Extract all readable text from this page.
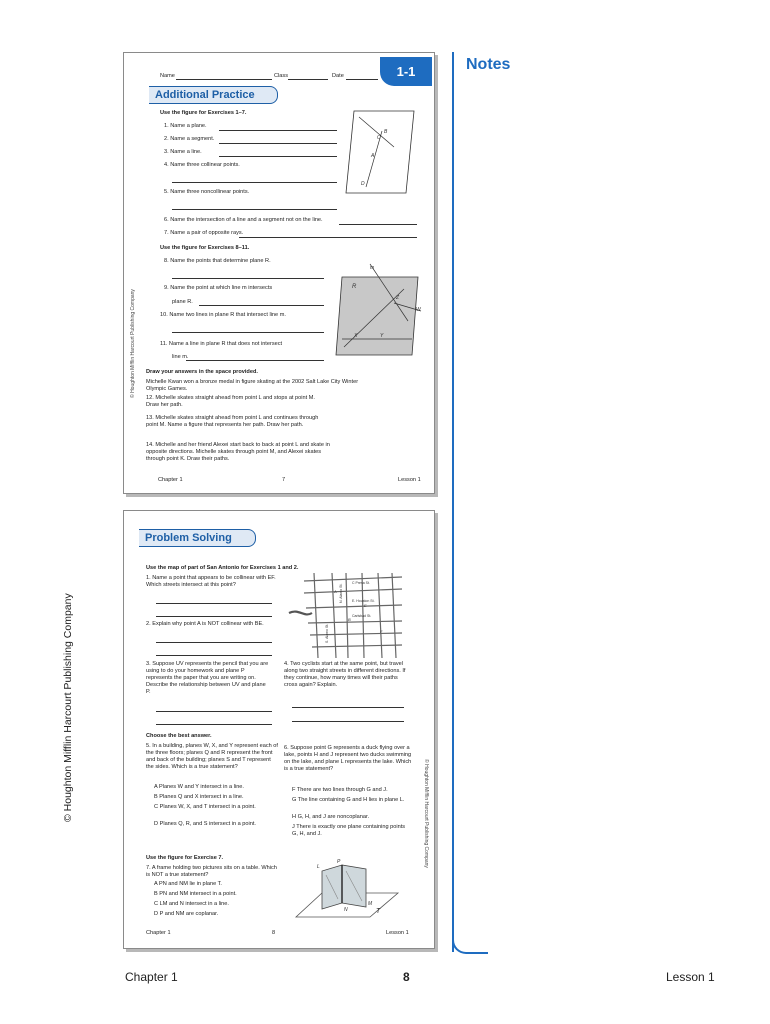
© Houghton Mifflin Harcourt Publishing Company
Notes
Name	Class	Date
Additional Practice
Use the figure for Exercises 1–7.
1. Name a plane.
2. Name a segment.
3. Name a line.
4. Name three collinear points.
5. Name three noncollinear points.
6. Name the intersection of a line and a segment not on the line.
7. Name a pair of opposite rays.
C
B
A
D
Use the figure for Exercises 8–11.
8. Name the points that determine plane R.
9. Name the point at which line m intersects
plane R.
10. Name two lines in plane R that intersect line m.
11. Name a line in plane R that does not intersect
line m.
m
R
Z
W
X	Y
Draw your answers in the space provided.
Michelle Kwan won a bronze medal in figure skating at the 2002 Salt Lake City Winter Olympic Games.
12. Michelle skates straight ahead from point L and stops at point M. Draw her path.
13. Michelle skates straight ahead from point L and continues through point M. Name a figure that represents her path. Draw her path.
14. Michelle and her friend Alexei start back to back at point L and skate in opposite directions. Michelle skates through point M, and Alexei skates through point K. Draw their paths.
Chapter 1	7	Lesson 1
© Houghton Mifflin Harcourt Publishing Company
1-1
Problem Solving
Use the map of part of San Antonio for Exercises 1 and 2.
1. Name a point that appears to be collinear with EF. Which streets intersect at this point?
2. Explain why point A is NOT collinear with BE.
C Presa St.
E. Houston St.
Carlsbad St.
S. Alamo St.
N. Alamo St.
A
B
E
F
3. Suppose UV represents the pencil that you are using to do your homework and plane P represents the paper that you are writing on. Describe the relationship between UV and plane P.
4. Two cyclists start at the same point, but travel along two straight streets in different directions. If they continue, how many times will their paths cross again? Explain.
Choose the best answer.
5. In a building, planes W, X, and Y represent each of the three floors; planes Q and R represent the front and back of the building; planes S and T represent the sides. Which is a true statement?
A Planes W and Y intersect in a line.
B Planes Q and X intersect in a line.
C Planes W, X, and T intersect in a point.
D Planes Q, R, and S intersect in a point.
6. Suppose point G represents a duck flying over a lake, points H and J represent two ducks swimming on the lake, and plane L represents the lake. Which is a true statement?
F There are two lines through G and J.
G The line containing G and H lies in plane L.
H G, H, and J are noncoplanar.
J There is exactly one plane containing points G, H, and J.
Use the figure for Exercise 7.
7. A frame holding two pictures sits on a table. Which is NOT a true statement?
A PN and NM lie in plane T.
B PN and NM intersect in a point.
C LM and N intersect in a line.
D P and NM are coplanar.
L
P
N
M
T
Chapter 1	8	Lesson 1
© Houghton Mifflin Harcourt Publishing Company
Chapter 1	8	Lesson 1
